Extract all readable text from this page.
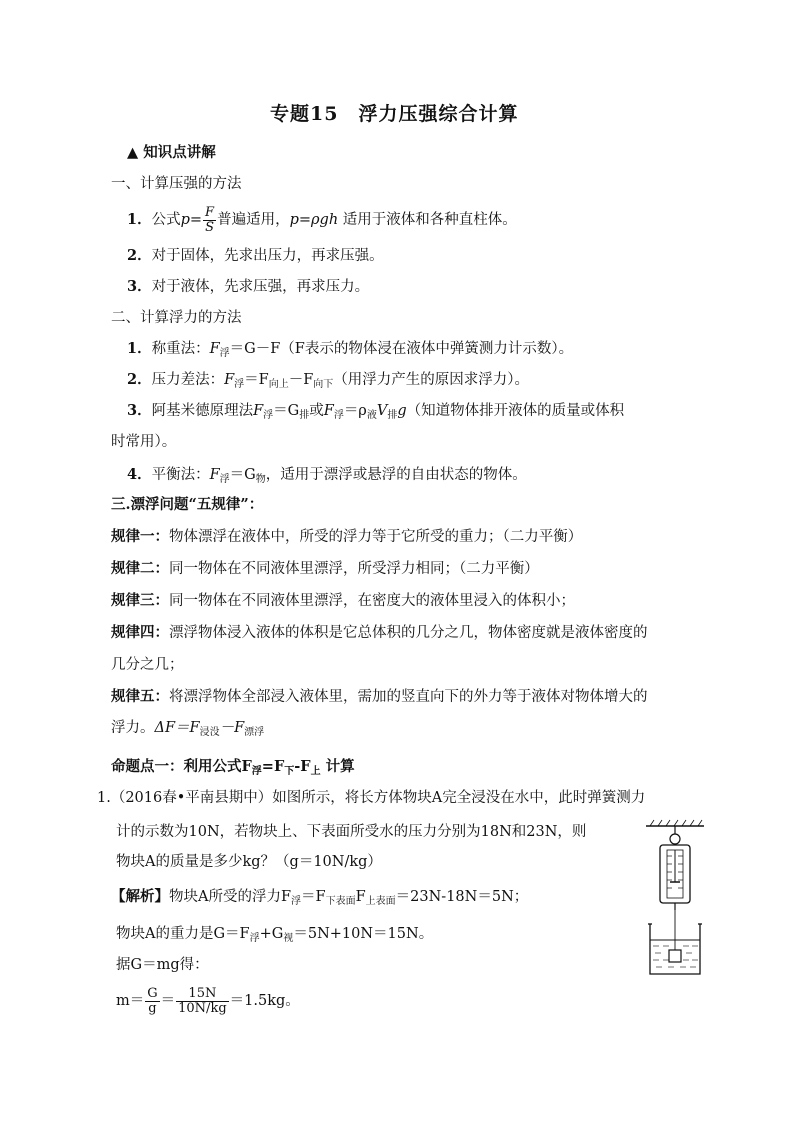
专题15　浮力压强综合计算
▲ 知识点讲解
一、计算压强的方法
1．公式$p= \frac{F}{S}$ 普遍适用，p=ρgh 适用于液体和各种直柱体。
2．对于固体，先求出压力，再求压强。
3．对于液体，先求压强，再求压力。
二、计算浮力的方法
1．称重法：$F_浮=G-F(F$表示的物体浸在液体中弹簧测力计示数）。
2．压力差法：$F_浮=F_{向上}-F_{向下}$（用浮力产生的原因求浮力）。
3．阿基米德原理法$F_浮=G_排$或$F_浮=\rho_液V_排g$（知道物体排开液体的质量或体积
时常用）。
4．平衡法：$F_浮=G_物$，适用于漂浮或悬浮的自由状态的物体。
三.漂浮问题“五规律”：
规律一：物体漂浮在液体中，所受的浮力等于它所受的重力；（二力平衡）
规律二：同一物体在不同液体里漂浮，所受浮力相同；（二力平衡）
规律三：同一物体在不同液体里漂浮，在密度大的液体里浸入的体积小；
规律四：漂浮物体浸入液体的体积是它总体积的几分之几，物体密度就是液体密度的
几分之几；
规律五：将漂浮物体全部浸入液体里，需加的竖直向下的外力等于液体对物体增大的
浮力。$\Delta F=F_{浸没}-F_{漂浮}$
命题点一：利用公式$F_浮=F_下-F_上$ 计算
1.（2016春•平南县期中）如图所示，将长方体物块A完全浸没在水中，此时弹簧测力
计的示数为10N，若物块上、下表面所受水的压力分别为18N和23N，则
物块A的质量是多少kg？（g＝10N/kg）
【解析】物块A所受的浮力$F_浮=F_{下表面}F_{上表面}=23N-18N=5N$；
物块A的重力是$G=F_浮+G_视=5N+10N=15N$。
据G＝mg得：
$m= \frac{G}{g} = \frac{15N}{10N/kg} =1.5kg$。
